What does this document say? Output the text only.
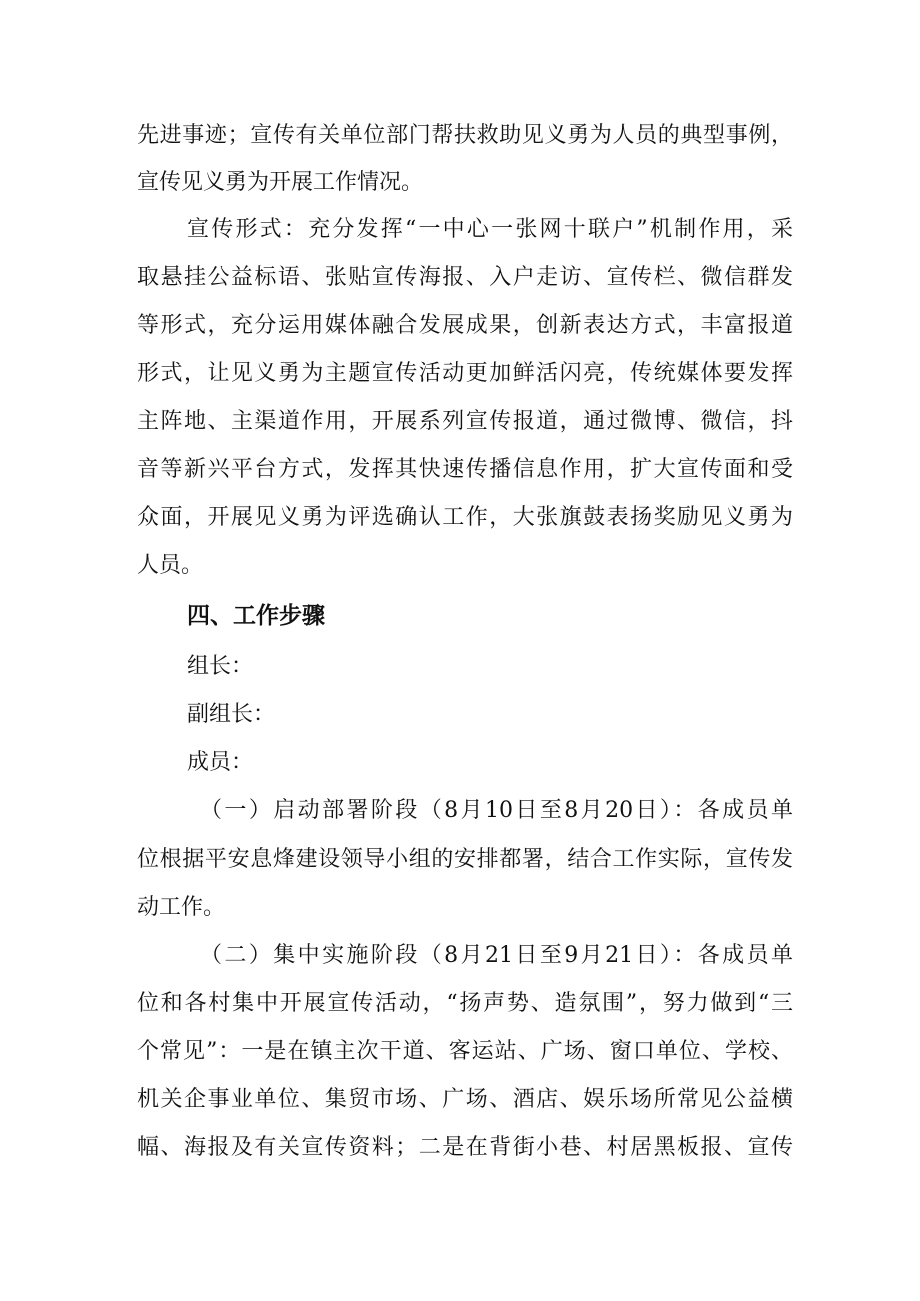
先进事迹；宣传有关单位部门帮扶救助见义勇为人员的典型事例，
宣传见义勇为开展工作情况。
宣传形式：充分发挥“一中心一张网十联户”机制作用，采
取悬挂公益标语、张贴宣传海报、入户走访、宣传栏、微信群发
等形式，充分运用媒体融合发展成果，创新表达方式，丰富报道
形式，让见义勇为主题宣传活动更加鲜活闪亮，传统媒体要发挥
主阵地、主渠道作用，开展系列宣传报道，通过微博、微信，抖
音等新兴平台方式，发挥其快速传播信息作用，扩大宣传面和受
众面，开展见义勇为评选确认工作，大张旗鼓表扬奖励见义勇为
人员。
四、工作步骤
组长：
副组长：
成员：
（一）启动部署阶段（8月10日至8月20日）：各成员单
位根据平安息烽建设领导小组的安排都署，结合工作实际，宣传发
动工作。
（二）集中实施阶段（8月21日至9月21日）：各成员单
位和各村集中开展宣传活动，“扬声势、造氛围”，努力做到“三
个常见”：一是在镇主次干道、客运站、广场、窗口单位、学校、
机关企事业单位、集贸市场、广场、酒店、娱乐场所常见公益横
幅、海报及有关宣传资料；二是在背街小巷、村居黑板报、宣传
